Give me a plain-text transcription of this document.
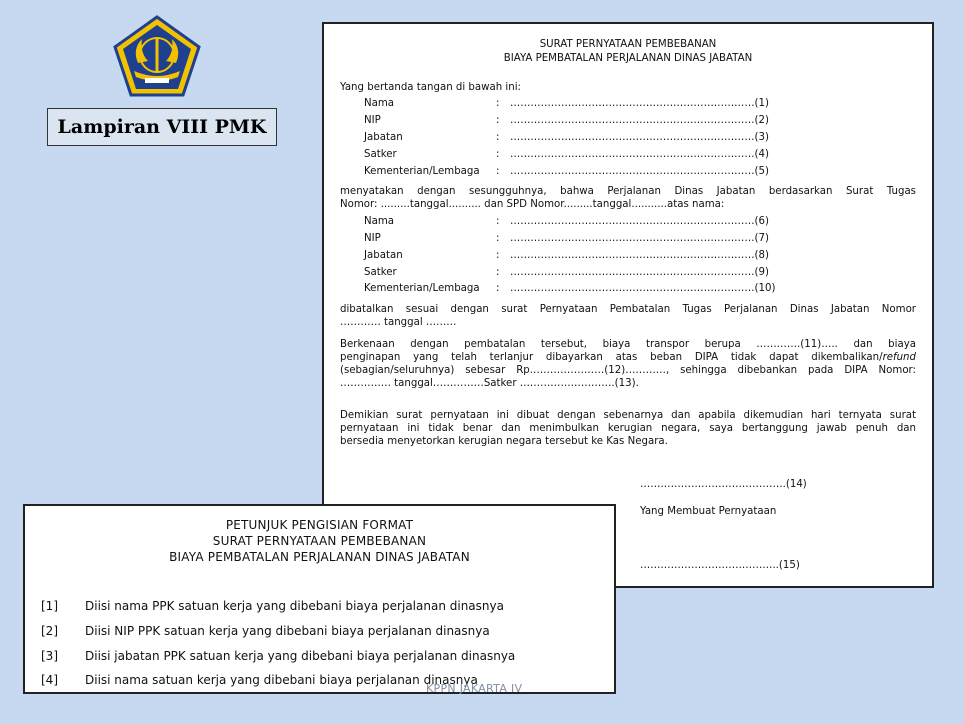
Lampiran VIII PMK
SURAT PERNYATAAN PEMBEBANAN
BIAYA PEMBATALAN PERJALANAN DINAS JABATAN
Yang bertanda tangan di bawah ini:
Nama	: ………………………………………………………………(1)
NIP	: ………………………………………………………………(2)
Jabatan	: ………………………………………………………………(3)
Satker	: ………………………………………………………………(4)
Kementerian/Lembaga : ………………………………………………………………(5)
menyatakan dengan sesungguhnya, bahwa Perjalanan Dinas Jabatan berdasarkan Surat Tugas
Nomor: .........tanggal.......... dan SPD Nomor.........tanggal...........atas nama:
Nama	: ………………………………………………………………(6)
NIP	: ………………………………………………………………(7)
Jabatan	: ………………………………………………………………(8)
Satker	: ………………………………………………………………(9)
Kementerian/Lembaga : ………………………………………………………………(10)
dibatalkan sesuai dengan surat Pernyataan Pembatalan Tugas Perjalanan Dinas Jabatan Nomor
………… tanggal ………
Berkenaan dengan pembatalan tersebut, biaya transpor berupa ………….(11)….. dan biaya
penginapan yang telah terlanjur dibayarkan atas beban DIPA tidak dapat dikembalikan/refund
(sebagian/seluruhnya) sebesar Rp.…………………(12)…………, sehingga dibebankan pada DIPA Nomor:
…………… tanggal……………Satker ……………………….(13).
Demikian surat pernyataan ini dibuat dengan sebenarnya dan apabila dikemudian hari ternyata surat
pernyataan ini tidak benar dan menimbulkan kerugian negara, saya bertanggung jawab penuh dan
bersedia menyetorkan kerugian negara tersebut ke Kas Negara.
…………………………………….(14)
Yang Membuat Pernyataan
…………………………………..(15)
PETUNJUK PENGISIAN FORMAT
SURAT PERNYATAAN PEMBEBANAN
BIAYA PEMBATALAN PERJALANAN DINAS JABATAN
[1] Diisi nama PPK satuan kerja yang dibebani biaya perjalanan dinasnya
[2] Diisi NIP PPK satuan kerja yang dibebani biaya perjalanan dinasnya
[3] Diisi jabatan PPK satuan kerja yang dibebani biaya perjalanan dinasnya
[4] Diisi nama satuan kerja yang dibebani biaya perjalanan dinasnya
KPPN JAKARTA IV
